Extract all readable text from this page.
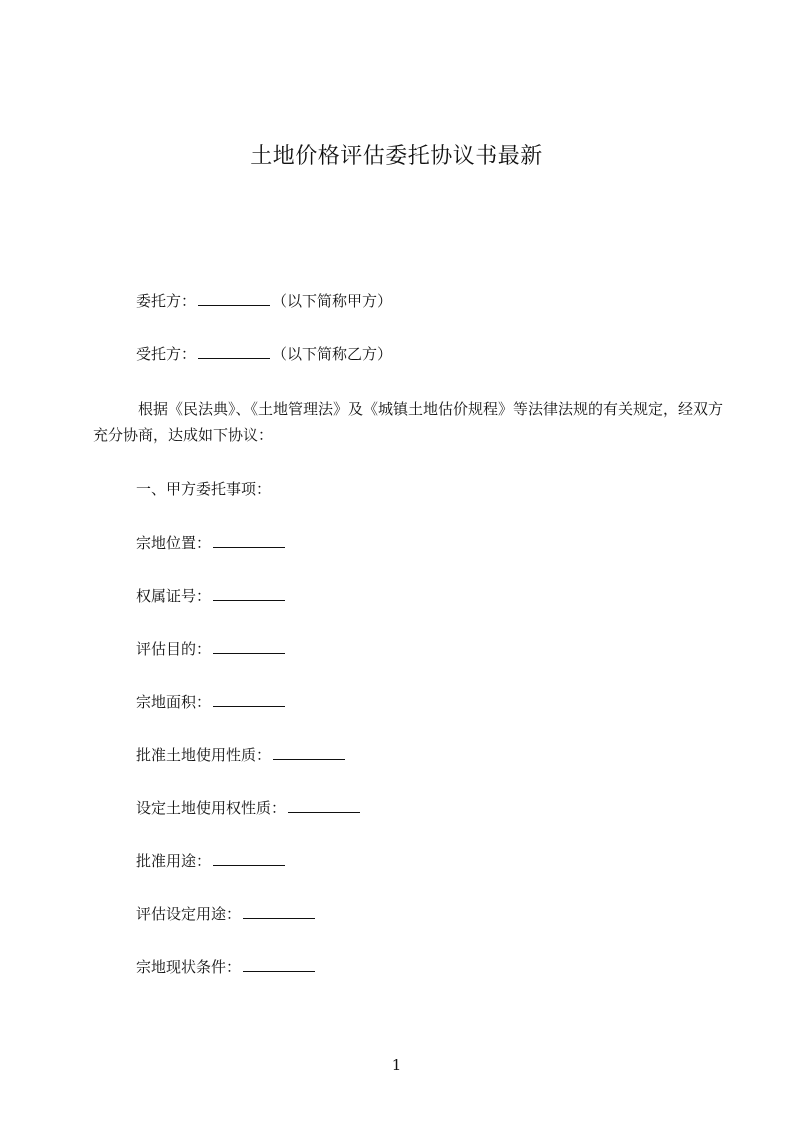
土地价格评估委托协议书最新
委托方：	（以下简称甲方）
受托方：	（以下简称乙方）
根据《民法典》、《土地管理法》及《城镇土地估价规程》等法律法规的有关规定，经双方充分协商，达成如下协议：
一、甲方委托事项：
宗地位置：
权属证号：
评估目的：
宗地面积：
批准土地使用性质：
设定土地使用权性质：
批准用途：
评估设定用途：
宗地现状条件：
1
